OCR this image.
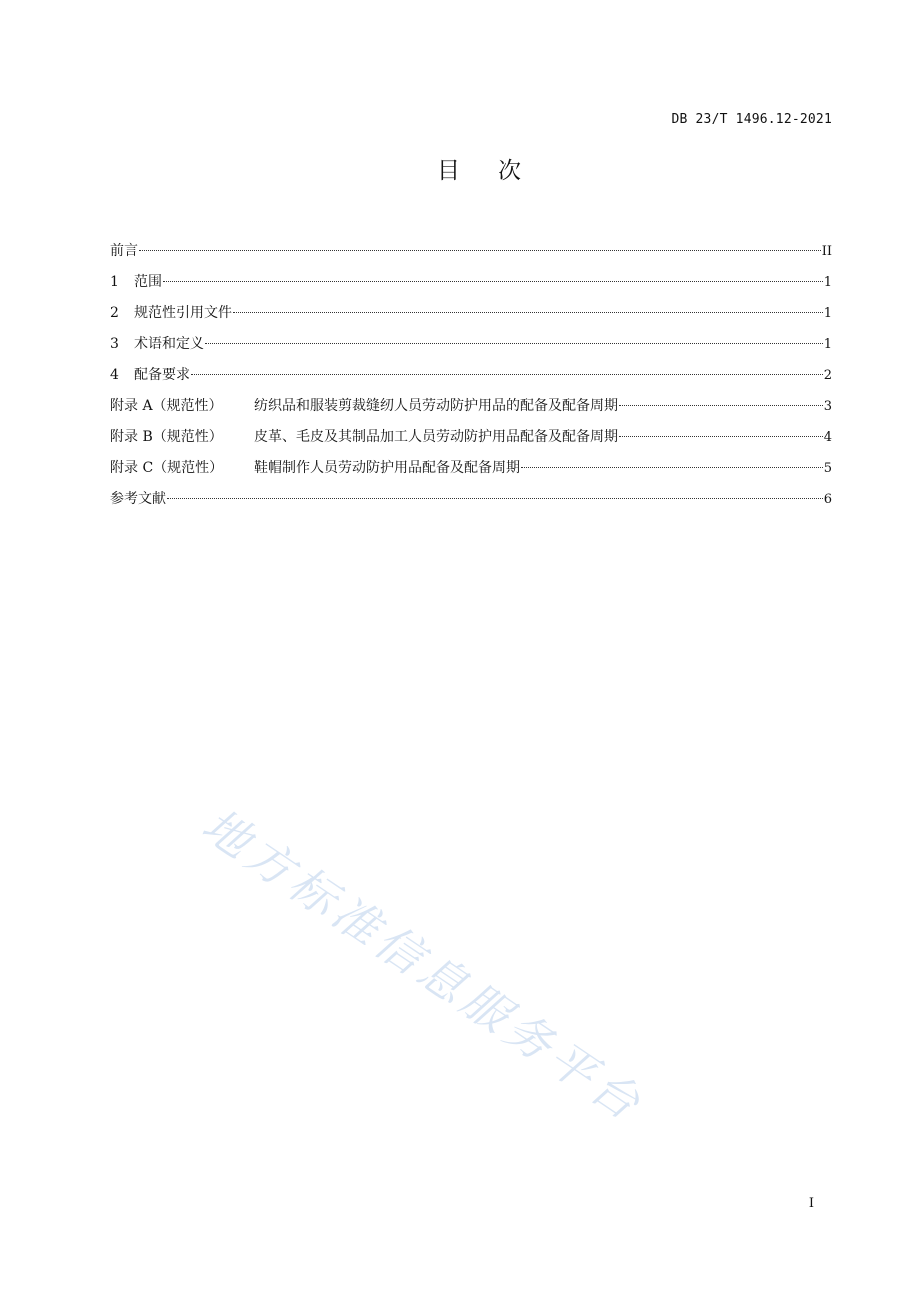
DB 23/T 1496.12-2021
目次
前言	II
1 范围	1
2 规范性引用文件	1
3 术语和定义	1
4 配备要求	2
附录 A（规范性） 纺织品和服装剪裁缝纫人员劳动防护用品的配备及配备周期	3
附录 B（规范性） 皮革、毛皮及其制品加工人员劳动防护用品配备及配备周期	4
附录 C（规范性） 鞋帽制作人员劳动防护用品配备及配备周期	5
参考文献	6
地方标准信息服务平台
I
